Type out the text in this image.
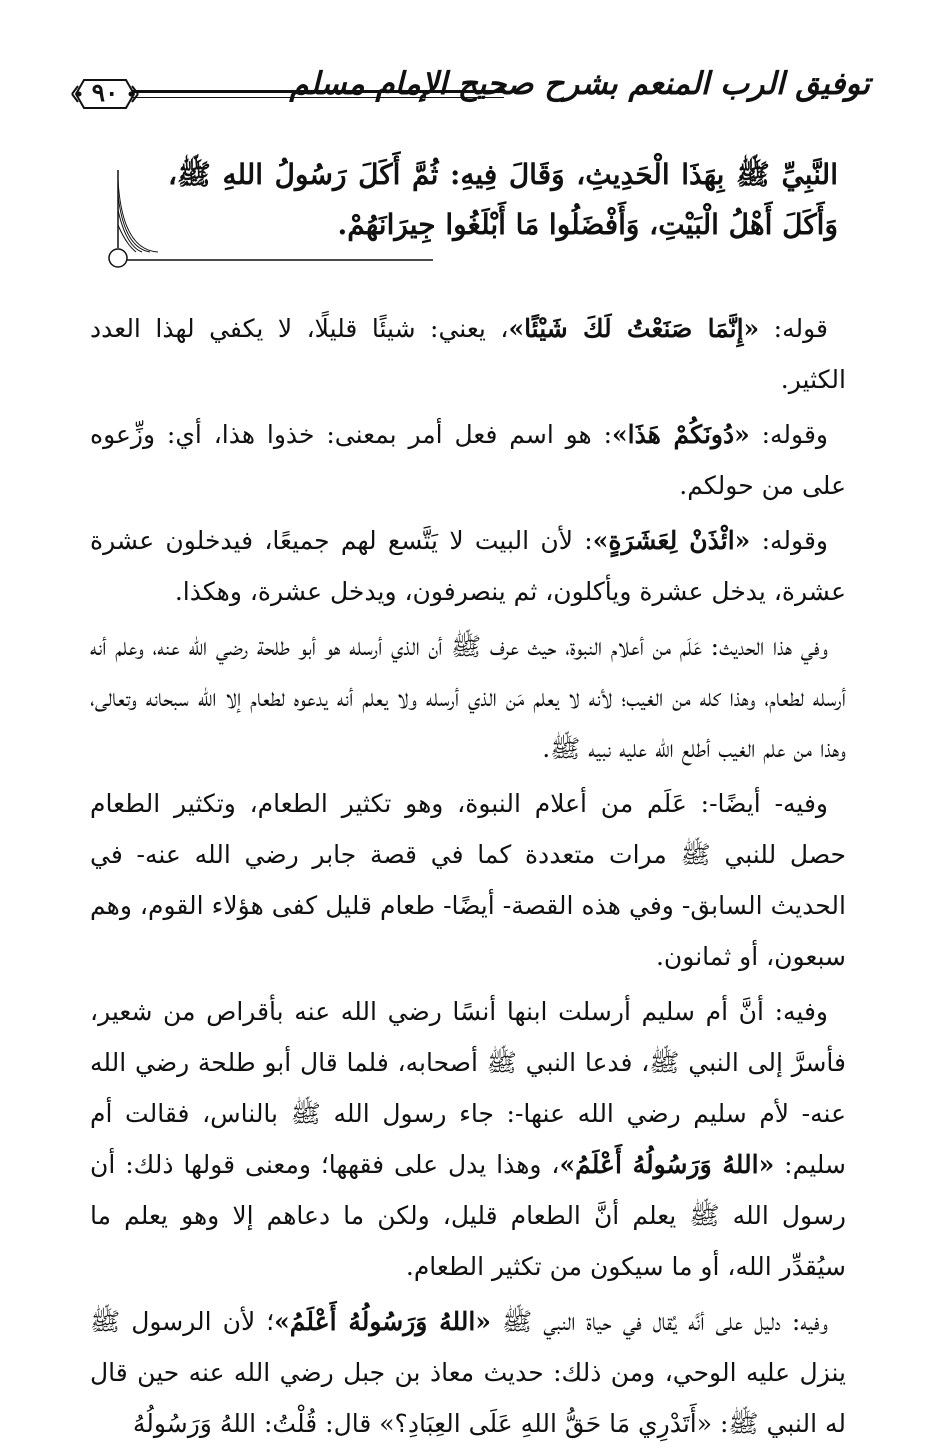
توفيق الرب المنعم بشرح صحيح الإمام مسلم
٩٠
النَّبِيِّ ﷺ بِهَذَا الْحَدِيثِ، وَقَالَ فِيهِ: ثُمَّ أَكَلَ رَسُولُ اللهِ ﷺ، وَأَكَلَ أَهْلُ الْبَيْتِ، وَأَفْضَلُوا مَا أَبْلَغُوا جِيرَانَهُمْ.

قوله: «إِنَّمَا صَنَعْتُ لَكَ شَيْئًا»، يعني: شيئًا قليلًا، لا يكفي لهذا العدد الكثير.

وقوله: «دُونَكُمْ هَذَا»: هو اسم فعل أمر بمعنى: خذوا هذا، أي: وزِّعوه على من حولكم.

وقوله: «ائْذَنْ لِعَشَرَةٍ»: لأن البيت لا يَتَّسع لهم جميعًا، فيدخلون عشرة عشرة، يدخل عشرة ويأكلون، ثم ينصرفون، ويدخل عشرة، وهكذا.

وفي هذا الحديث: عَلَم من أعلام النبوة، حيث عرف ﷺ أن الذي أرسله هو أبو طلحة رضي الله عنه، وعلم أنه أرسله لطعام، وهذا كله من الغيب؛ لأنه لا يعلم مَن الذي أرسله ولا يعلم أنه يدعوه لطعام إلا الله سبحانه وتعالى، وهذا من علم الغيب أطلع الله عليه نبيه ﷺ.

وفيه- أيضًا-: عَلَم من أعلام النبوة، وهو تكثير الطعام، وتكثير الطعام حصل للنبي ﷺ مرات متعددة كما في قصة جابر رضي الله عنه- في الحديث السابق- وفي هذه القصة- أيضًا- طعام قليل كفى هؤلاء القوم، وهم سبعون، أو ثمانون.

وفيه: أنَّ أم سليم أرسلت ابنها أنسًا رضي الله عنه بأقراص من شعير، فأسرَّ إلى النبي ﷺ، فدعا النبي ﷺ أصحابه، فلما قال أبو طلحة رضي الله عنه- لأم سليم رضي الله عنها-: جاء رسول الله ﷺ بالناس، فقالت أم سليم: «اللهُ وَرَسُولُهُ أَعْلَمُ»، وهذا يدل على فقهها؛ ومعنى قولها ذلك: أن رسول الله ﷺ يعلم أنَّ الطعام قليل، ولكن ما دعاهم إلا وهو يعلم ما سيُقدِّر الله، أو ما سيكون من تكثير الطعام.

وفيه: دليل على أنَّه يُقال في حياة النبي ﷺ «اللهُ وَرَسُولُهُ أَعْلَمُ»؛ لأن الرسول ﷺ ينزل عليه الوحي، ومن ذلك: حديث معاذ بن جبل رضي الله عنه حين قال له النبي ﷺ: «أَتَدْرِي مَا حَقُّ اللهِ عَلَى العِبَادِ؟» قال: قُلْتُ: اللهُ وَرَسُولُهُ
